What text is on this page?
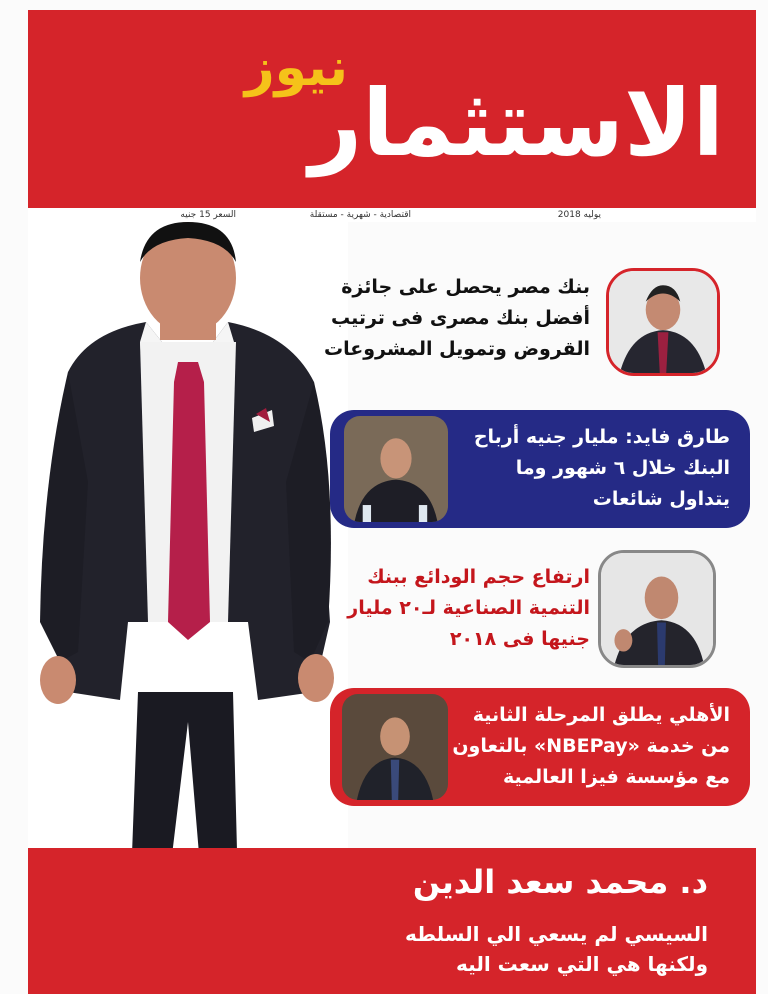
نيوز
الاستثمار
يوليه 2018
اقتصادية - شهرية - مستقلة
السعر 15 جنيه
بنك مصر يحصل على جائزة
أفضل بنك مصرى فى ترتيب
القروض وتمويل المشروعات
طارق فايد: مليار جنيه أرباح
البنك خلال ٦ شهور وما
يتداول شائعات
ارتفاع حجم الودائع ببنك
التنمية الصناعية لـ٢٠ مليار
جنيها فى ٢٠١٨
الأهلي يطلق المرحلة الثانية
من خدمة «NBEPay» بالتعاون
مع مؤسسة فيزا العالمية
د. محمد سعد الدين
السيسي لم يسعي الي السلطه
ولكنها هي التي سعت اليه
